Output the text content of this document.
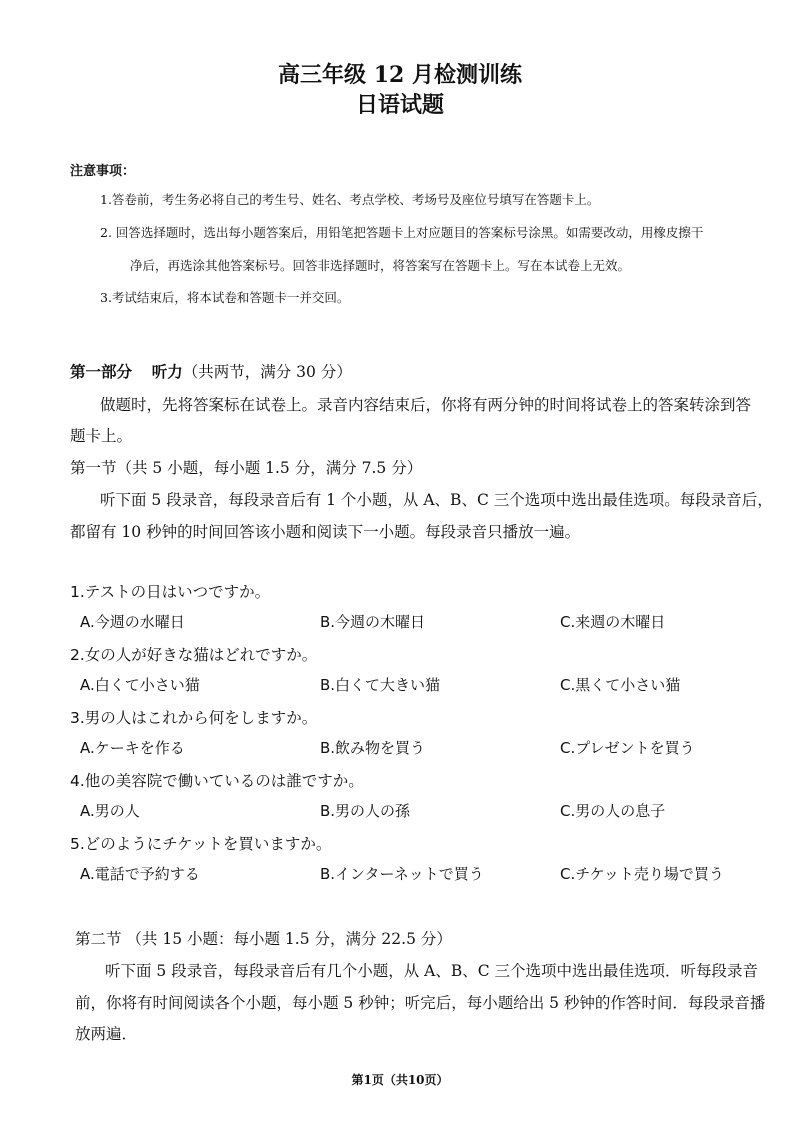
高三年级 12 月检测训练
日语试题
注意事项：
1.答卷前，考生务必将自己的考生号、姓名、考点学校、考场号及座位号填写在答题卡上。
2. 回答选择题时，选出每小题答案后，用铅笔把答题卡上对应题目的答案标号涂黑。如需要改动，用橡皮擦干
净后，再选涂其他答案标号。回答非选择题时，将答案写在答题卡上。写在本试卷上无效。
3.考试结束后，将本试卷和答题卡一并交回。
第一部分 听力（共两节，满分 30 分）
做题时，先将答案标在试卷上。录音内容结束后，你将有两分钟的时间将试卷上的答案转涂到答
题卡上。
第一节（共 5 小题，每小题 1.5 分，满分 7.5 分）
听下面 5 段录音，每段录音后有 1 个小题，从 A、B、C 三个选项中选出最佳选项。每段录音后，
都留有 10 秒钟的时间回答该小题和阅读下一小题。每段录音只播放一遍。
1.テストの日はいつですか。
A.今週の水曜日	B.今週の木曜日	C.来週の木曜日
2.女の人が好きな猫はどれですか。
A.白くて小さい猫	B.白くて大きい猫	C.黒くて小さい猫
3.男の人はこれから何をしますか。
A.ケーキを作る	B.飲み物を買う	C.プレゼントを買う
4.他の美容院で働いているのは誰ですか。
A.男の人	B.男の人の孫	C.男の人の息子
5.どのようにチケットを買いますか。
A.電話で予約する	B.インターネットで買う	C.チケット売り場で買う
第二节 （共 15 小题：每小题 1.5 分，满分 22.5 分）
听下面 5 段录音，每段录音后有几个小题，从 A、B、C 三个选项中选出最佳选项．听每段录音
前，你将有时间阅读各个小题，每小题 5 秒钟；听完后，每小题给出 5 秒钟的作答时间．每段录音播
放两遍．
第1页（共10页）
